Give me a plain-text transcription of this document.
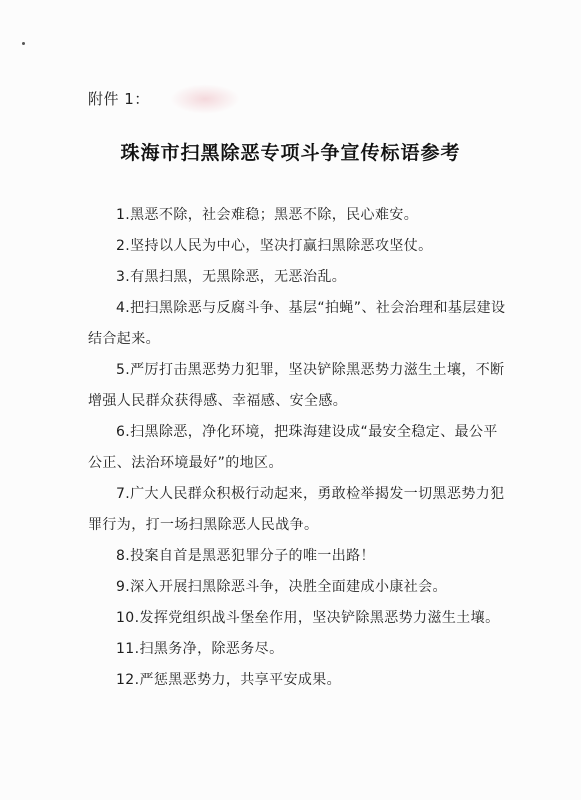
附件 1：
珠海市扫黑除恶专项斗争宣传标语参考
1.黑恶不除，社会难稳；黑恶不除，民心难安。
2.坚持以人民为中心，坚决打赢扫黑除恶攻坚仗。
3.有黑扫黑，无黑除恶，无恶治乱。
4.把扫黑除恶与反腐斗争、基层“拍蝇”、社会治理和基层建设结合起来。
5.严厉打击黑恶势力犯罪，坚决铲除黑恶势力滋生土壤，不断增强人民群众获得感、幸福感、安全感。
6.扫黑除恶，净化环境，把珠海建设成“最安全稳定、最公平公正、法治环境最好”的地区。
7.广大人民群众积极行动起来，勇敢检举揭发一切黑恶势力犯罪行为，打一场扫黑除恶人民战争。
8.投案自首是黑恶犯罪分子的唯一出路！
9.深入开展扫黑除恶斗争，决胜全面建成小康社会。
10.发挥党组织战斗堡垒作用，坚决铲除黑恶势力滋生土壤。
11.扫黑务净，除恶务尽。
12.严惩黑恶势力，共享平安成果。
